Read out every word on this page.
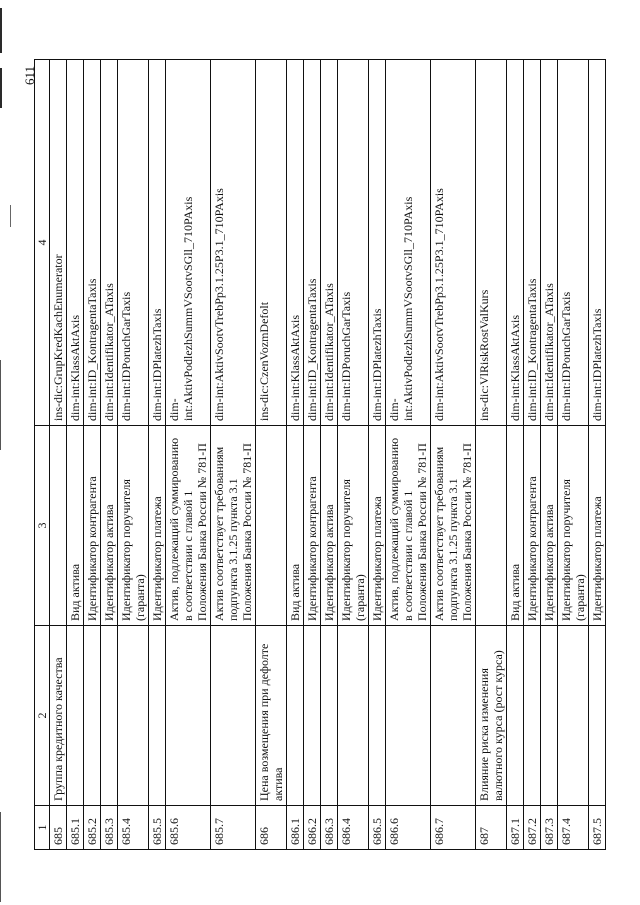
611
1	2	3	4
685	Группа кредитного качества		ins-dic:GrupKredKachEnumerator
685.1		Вид актива	dim-int:KlassAktAxis
685.2		Идентификатор контрагента	dim-int:ID_KontragentaTaxis
685.3		Идентификатор актива	dim-int:Identifikator_ATaxis
685.4		Идентификатор поручителя (гаранта)	dim-int:IDPoruchGarTaxis
685.5		Идентификатор платежа	dim-int:IDPlatezhTaxis
685.6		Актив, подлежащий суммированию в соответствии с главой 1 Положения Банка России № 781-П	dim-
int:AktivPodlezhSummVSootvSGll_710PAxis
685.7		Актив соответствует требованиям подпункта 3.1.25 пункта 3.1 Положения Банка России № 781-П	dim-int:AktivSootvTrebPp3.1.25P3.1_710PAxis
686	Цена возмещения при дефолте актива		ins-dic:CzenVozmDefolt
686.1		Вид актива	dim-int:KlassAktAxis
686.2		Идентификатор контрагента	dim-int:ID_KontragentaTaxis
686.3		Идентификатор актива	dim-int:Identifikator_ATaxis
686.4		Идентификатор поручителя (гаранта)	dim-int:IDPoruchGarTaxis
686.5		Идентификатор платежа	dim-int:IDPlatezhTaxis
686.6		Актив, подлежащий суммированию в соответствии с главой 1 Положения Банка России № 781-П	dim-
int:AktivPodlezhSummVSootvSGll_710PAxis
686.7		Актив соответствует требованиям подпункта 3.1.25 пункта 3.1 Положения Банка России № 781-П	dim-int:AktivSootvTrebPp3.1.25P3.1_710PAxis
687	Влияние риска изменения валютного курса (рост курса)		ins-dic:VlRiskRostValKurs
687.1		Вид актива	dim-int:KlassAktAxis
687.2		Идентификатор контрагента	dim-int:ID_KontragentaTaxis
687.3		Идентификатор актива	dim-int:Identifikator_ATaxis
687.4		Идентификатор поручителя (гаранта)	dim-int:IDPoruchGarTaxis
687.5		Идентификатор платежа	dim-int:IDPlatezhTaxis
